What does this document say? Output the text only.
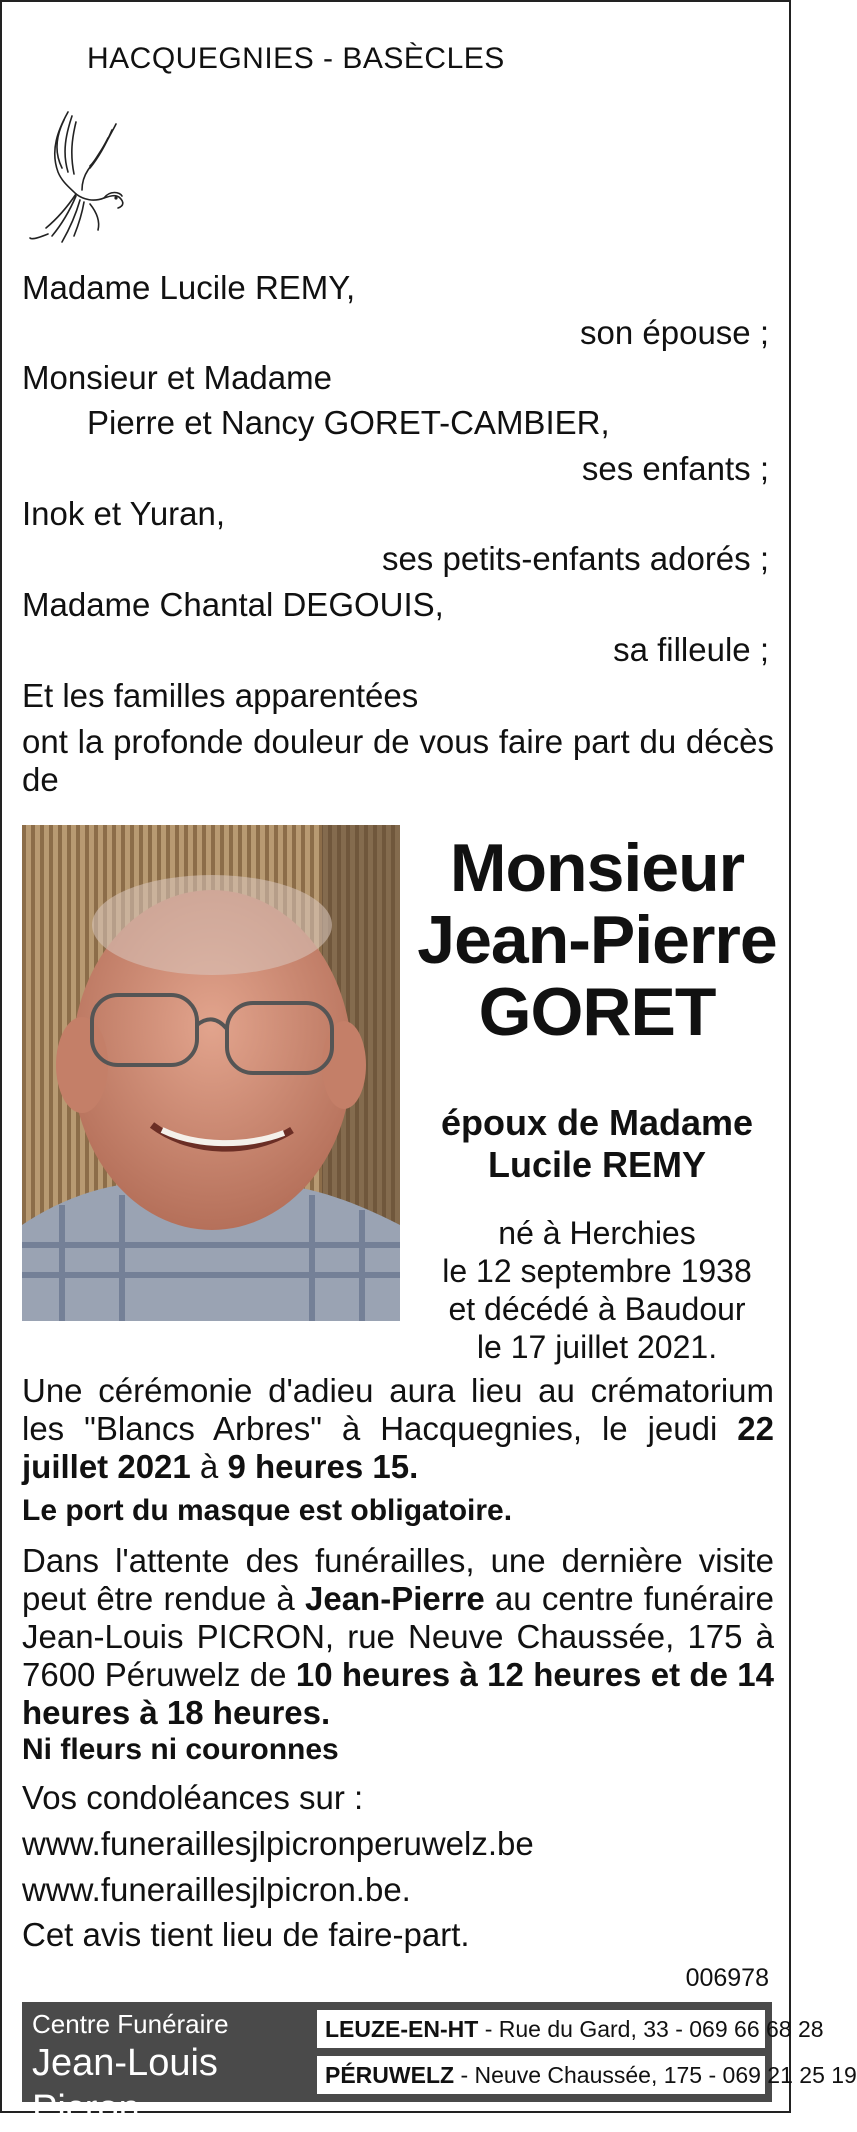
HACQUEGNIES - BASÈCLES
Madame Lucile REMY,
son épouse ;
Monsieur et Madame
Pierre et Nancy GORET-CAMBIER,
ses enfants ;
Inok et Yuran,
ses petits-enfants adorés ;
Madame Chantal DEGOUIS,
sa filleule ;
Et les familles apparentées
ont la profonde douleur de vous faire part du décès de
Monsieur
Jean-Pierre
GORET
époux de Madame
Lucile REMY
né à Herchies
le 12 septembre 1938
et décédé à Baudour
le 17 juillet 2021.
Une cérémonie d'adieu aura lieu au crématorium les "Blancs Arbres" à Hacquegnies, le jeudi 22 juillet 2021 à 9 heures 15.
Le port du masque est obligatoire.
Dans l'attente des funérailles, une dernière visite peut être rendue à Jean-Pierre au centre funéraire Jean-Louis PICRON, rue Neuve Chaussée, 175 à 7600 Péruwelz de 10 heures à 12 heures et de 14 heures à 18 heures.
Ni fleurs ni couronnes
Vos condoléances sur :
www.funeraillesjlpicronperuwelz.be
www.funeraillesjlpicron.be.
Cet avis tient lieu de faire-part.
006978
Centre Funéraire
Jean-Louis Picron
LEUZE-EN-HT - Rue du Gard, 33 - 069 66 68 28
PÉRUWELZ - Neuve Chaussée, 175 - 069 21 25 19
